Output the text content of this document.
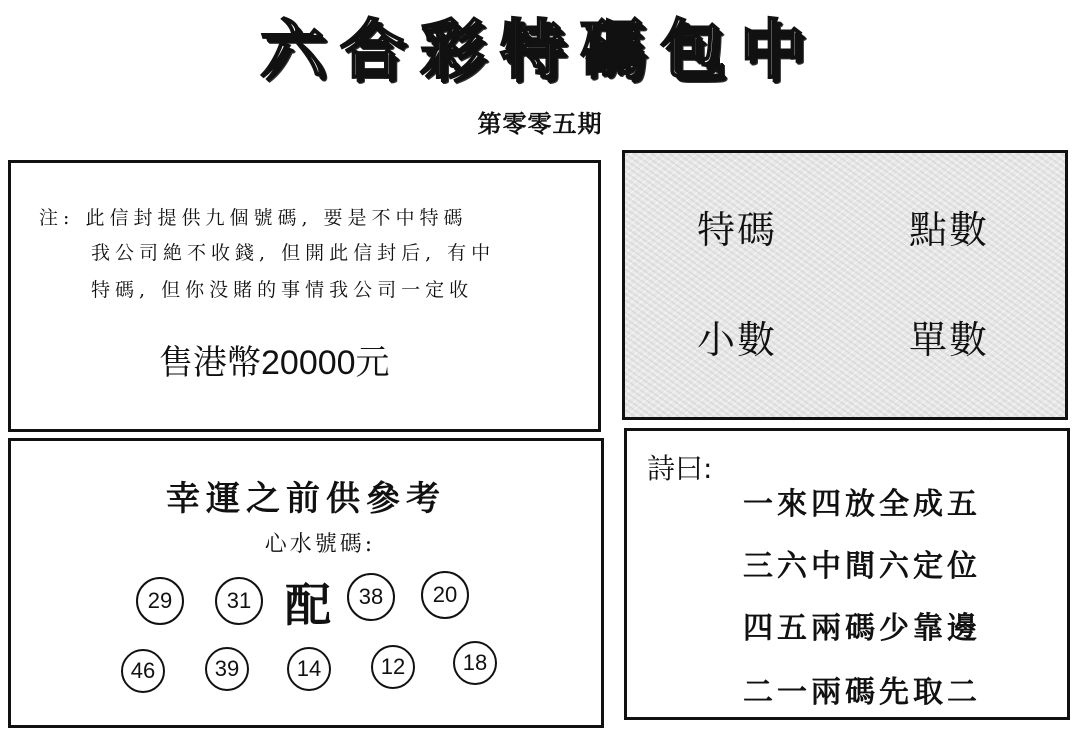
六合彩特碼包中
第零零五期
注: 此信封提供九個號碼, 要是不中特碼
我公司絶不收錢, 但開此信封后, 有中
特碼, 但你没賭的事情我公司一定收
售港幣20000元
特碼	點數
小數	單數
幸運之前供參考
心水號碼:
29	31 配	38	20
46	39	14	12	18
詩曰:
一來四放全成五
三六中間六定位
四五兩碼少靠邊
二一兩碼先取二
